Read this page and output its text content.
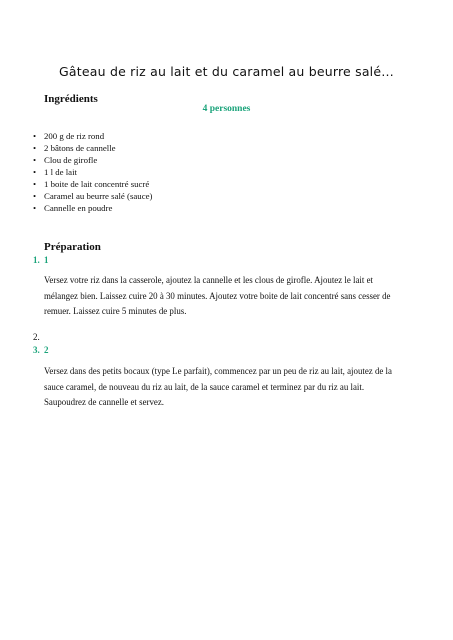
Gâteau de riz au lait et du caramel au beurre salé…
Ingrédients
4 personnes
• 200 g de riz rond
• 2 bâtons de cannelle
• Clou de girofle
• 1 l de lait
• 1 boite de lait concentré sucré
• Caramel au beurre salé (sauce)
• Cannelle en poudre
Préparation
1. 1
Versez votre riz dans la casserole, ajoutez la cannelle et les clous de girofle. Ajoutez le lait et mélangez bien. Laissez cuire 20 à 30 minutes. Ajoutez votre boite de lait concentré sans cesser de remuer. Laissez cuire 5 minutes de plus.
2.
3. 2
Versez dans des petits bocaux (type Le parfait), commencez par un peu de riz au lait, ajoutez de la sauce caramel, de nouveau du riz au lait, de la sauce caramel et terminez par du riz au lait. Saupoudrez de cannelle et servez.
